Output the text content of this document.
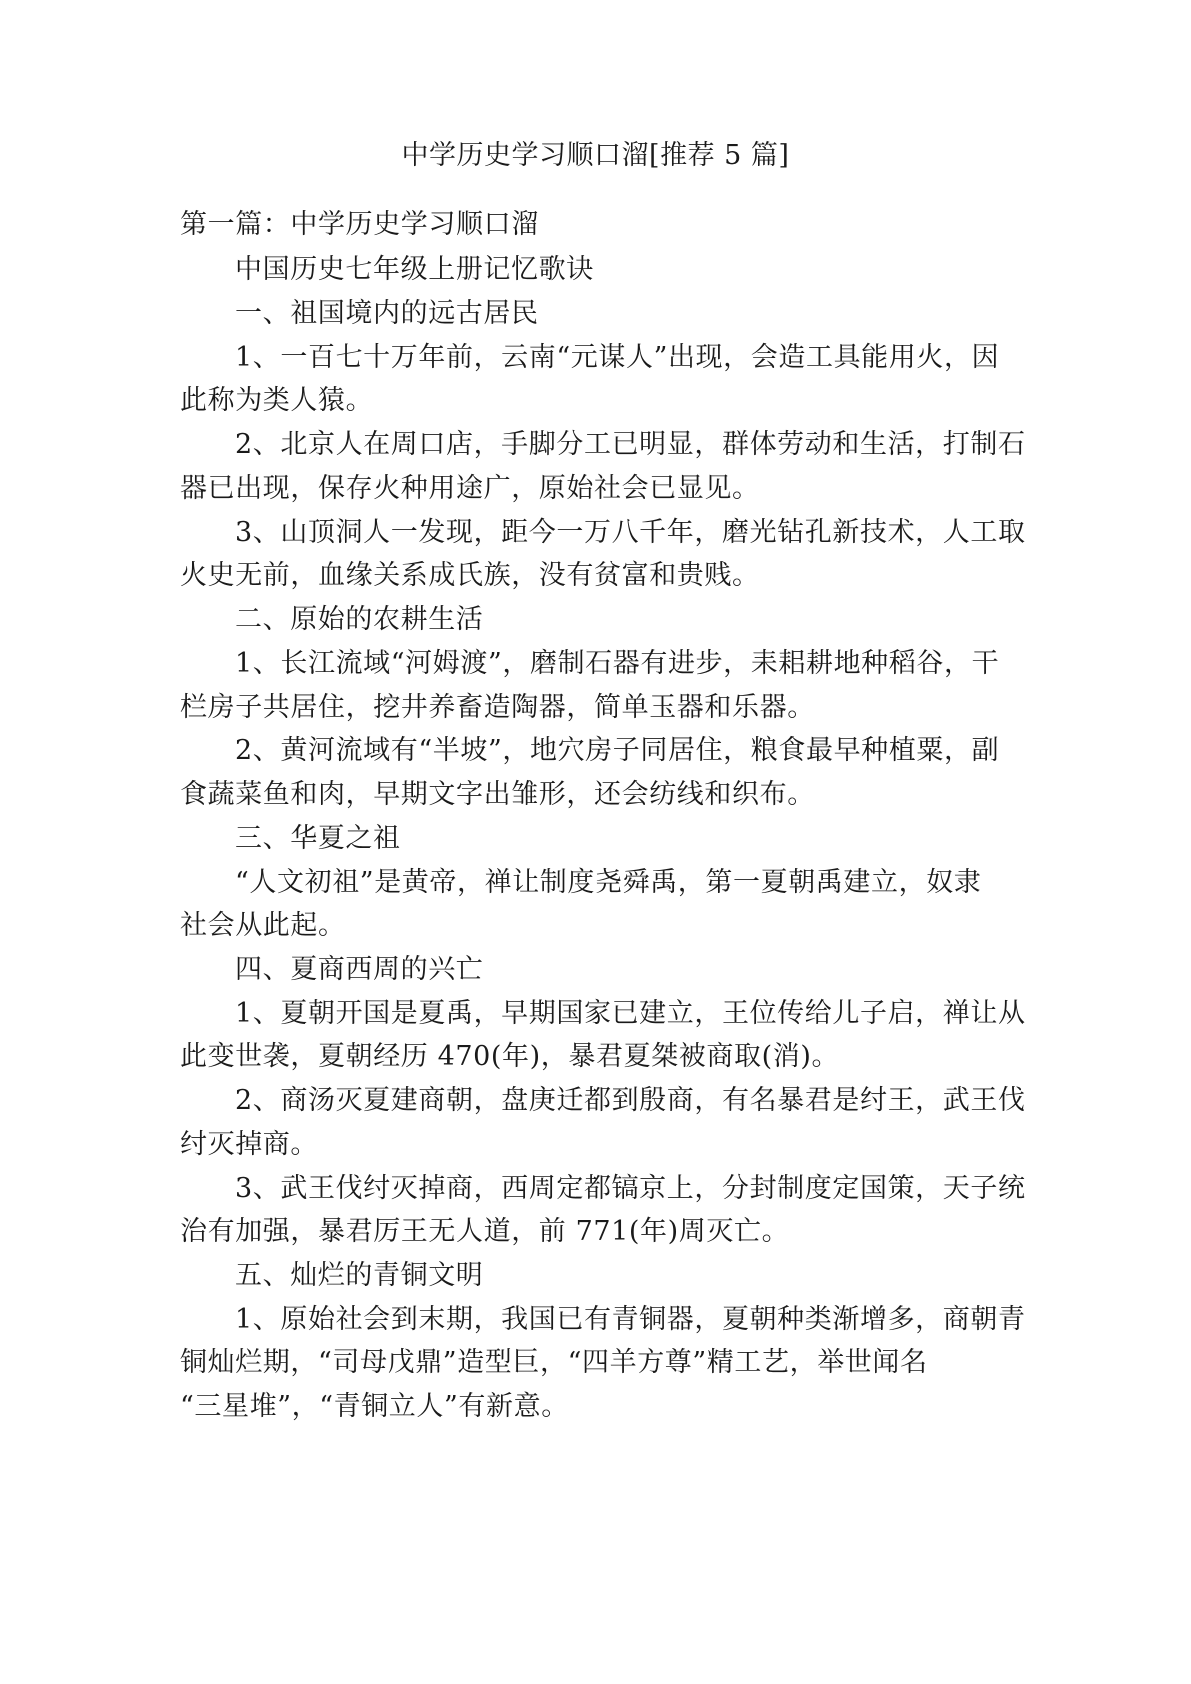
中学历史学习顺口溜[推荐 5 篇]
第一篇：中学历史学习顺口溜
中国历史七年级上册记忆歌诀
一、祖国境内的远古居民
1、一百七十万年前，云南“元谋人”出现，会造工具能用火，因
此称为类人猿。
2、北京人在周口店，手脚分工已明显，群体劳动和生活，打制石
器已出现，保存火种用途广，原始社会已显见。
3、山顶洞人一发现，距今一万八千年，磨光钻孔新技术，人工取
火史无前，血缘关系成氏族，没有贫富和贵贱。
二、原始的农耕生活
1、长江流域“河姆渡”，磨制石器有进步，耒耜耕地种稻谷，干
栏房子共居住，挖井养畜造陶器，简单玉器和乐器。
2、黄河流域有“半坡”，地穴房子同居住，粮食最早种植粟，副
食蔬菜鱼和肉，早期文字出雏形，还会纺线和织布。
三、华夏之祖
“人文初祖”是黄帝，禅让制度尧舜禹，第一夏朝禹建立，奴隶
社会从此起。
四、夏商西周的兴亡
1、夏朝开国是夏禹，早期国家已建立，王位传给儿子启，禅让从
此变世袭，夏朝经历 470(年)，暴君夏桀被商取(消)。
2、商汤灭夏建商朝，盘庚迁都到殷商，有名暴君是纣王，武王伐
纣灭掉商。
3、武王伐纣灭掉商，西周定都镐京上，分封制度定国策，天子统
治有加强，暴君厉王无人道，前 771(年)周灭亡。
五、灿烂的青铜文明
1、原始社会到末期，我国已有青铜器，夏朝种类渐增多，商朝青
铜灿烂期，“司母戊鼎”造型巨，“四羊方尊”精工艺，举世闻名
“三星堆”，“青铜立人”有新意。
